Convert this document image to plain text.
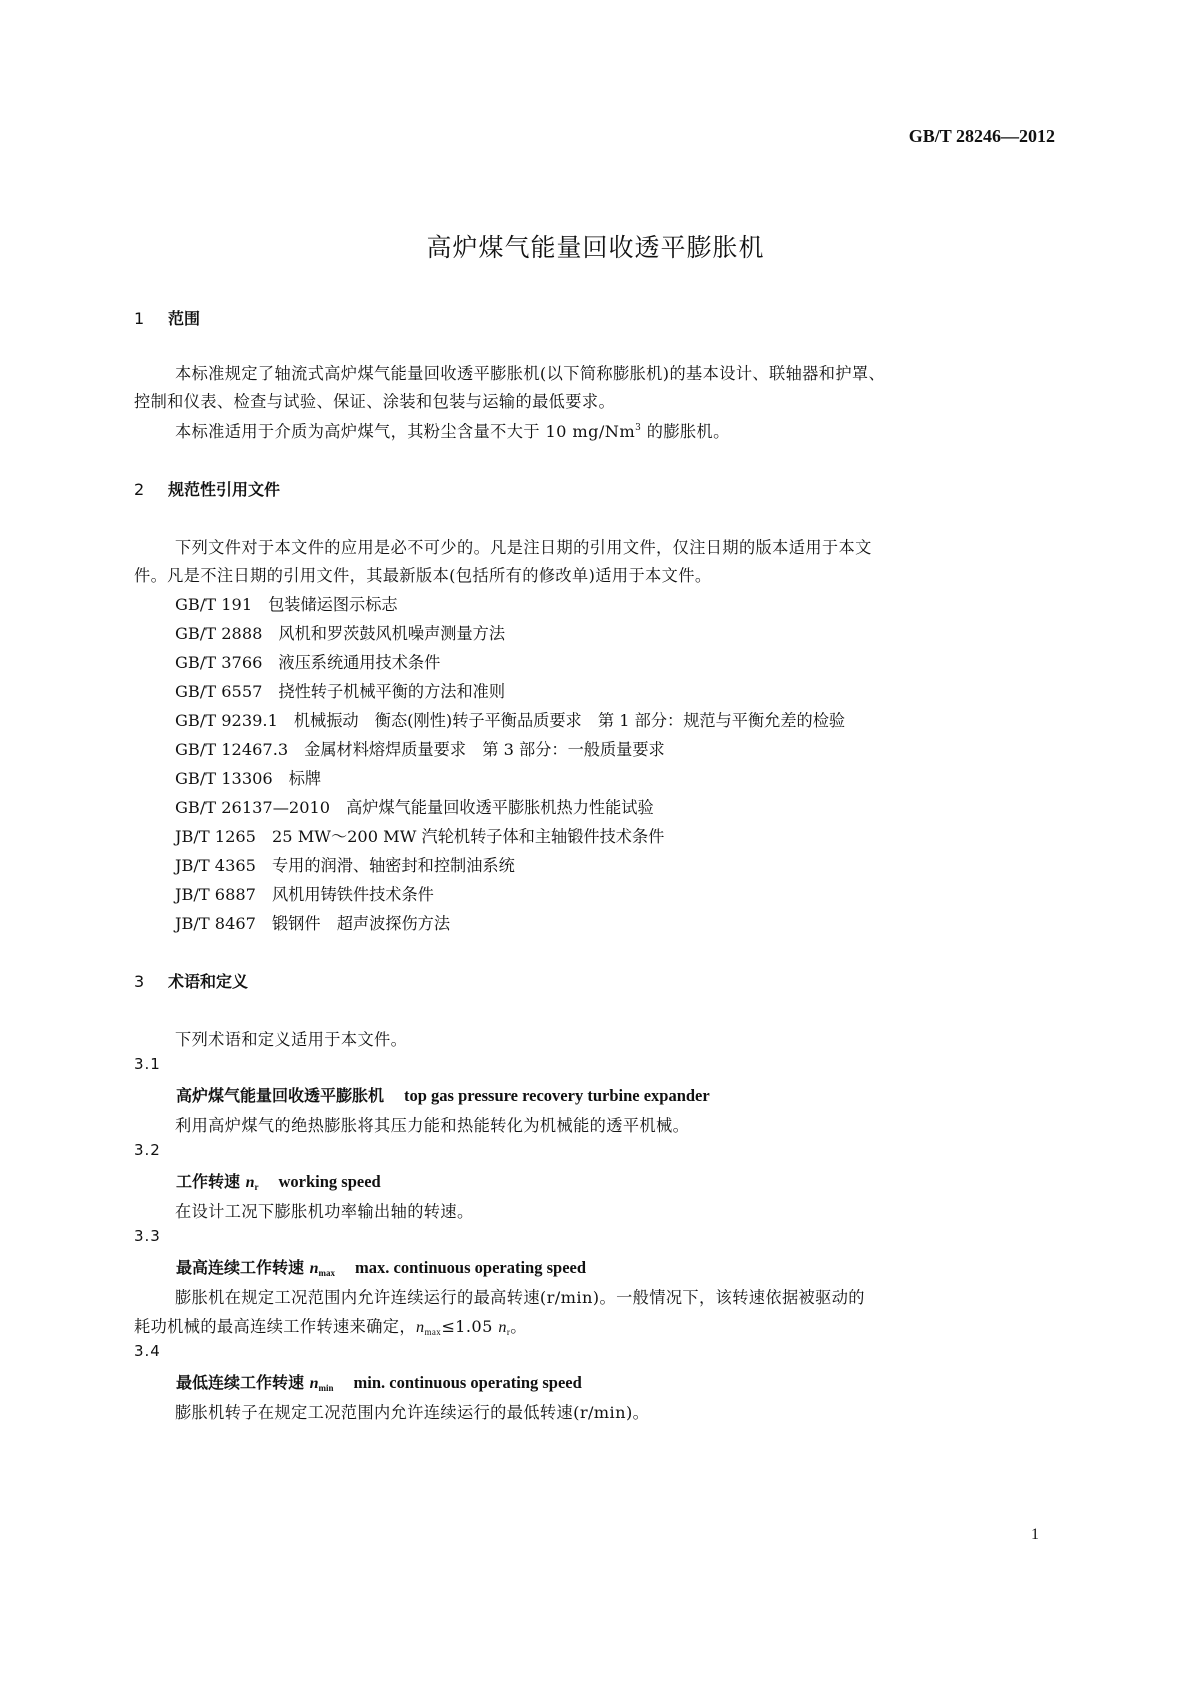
GB/T 28246—2012
高炉煤气能量回收透平膨胀机
1 范围
本标准规定了轴流式高炉煤气能量回收透平膨胀机(以下简称膨胀机)的基本设计、联轴器和护罩、
控制和仪表、检查与试验、保证、涂装和包装与运输的最低要求。
本标准适用于介质为高炉煤气，其粉尘含量不大于 10 mg/Nm$^3$ 的膨胀机。
2 规范性引用文件
下列文件对于本文件的应用是必不可少的。凡是注日期的引用文件，仅注日期的版本适用于本文
件。凡是不注日期的引用文件，其最新版本(包括所有的修改单)适用于本文件。
GB/T 191 包装储运图示标志
GB/T 2888 风机和罗茨鼓风机噪声测量方法
GB/T 3766 液压系统通用技术条件
GB/T 6557 挠性转子机械平衡的方法和准则
GB/T 9239.1 机械振动　衡态(刚性)转子平衡品质要求　第 1 部分：规范与平衡允差的检验
GB/T 12467.3 金属材料熔焊质量要求　第 3 部分：一般质量要求
GB/T 13306 标牌
GB/T 26137—2010 高炉煤气能量回收透平膨胀机热力性能试验
JB/T 1265 25 MW～200 MW 汽轮机转子体和主轴锻件技术条件
JB/T 4365 专用的润滑、轴密封和控制油系统
JB/T 6887 风机用铸铁件技术条件
JB/T 8467 锻钢件　超声波探伤方法
3 术语和定义
下列术语和定义适用于本文件。
3.1
高炉煤气能量回收透平膨胀机 top gas pressure recovery turbine expander
利用高炉煤气的绝热膨胀将其压力能和热能转化为机械能的透平机械。
3.2
工作转速 $n_r$ working speed
在设计工况下膨胀机功率输出轴的转速。
3.3
最高连续工作转速 $n_{max}$ max. continuous operating speed
膨胀机在规定工况范围内允许连续运行的最高转速(r/min)。一般情况下，该转速依据被驱动的
耗功机械的最高连续工作转速来确定，$n_{max}\le 1.05$ $n_r$。
3.4
最低连续工作转速 $n_{min}$ min. continuous operating speed
膨胀机转子在规定工况范围内允许连续运行的最低转速(r/min)。
1
